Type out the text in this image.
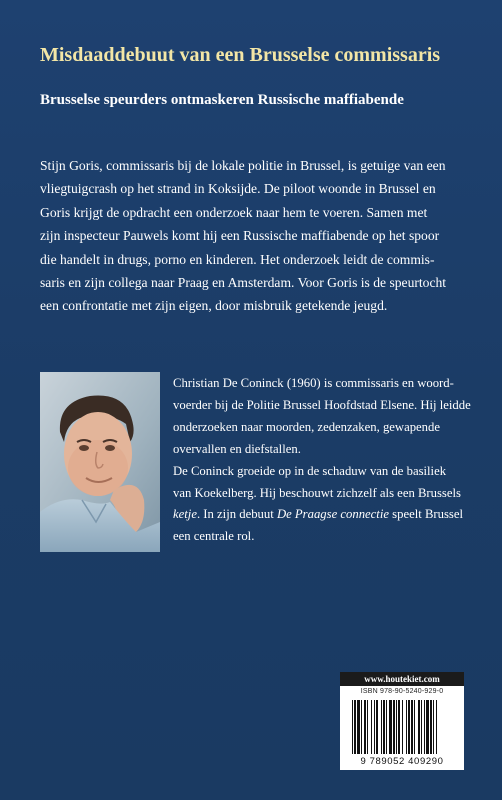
Misdaaddebuut van een Brusselse commissaris
Brusselse speurders ontmaskeren Russische maffiabende
Stijn Goris, commissaris bij de lokale politie in Brussel, is getuige van een
vliegtuigcrash op het strand in Koksijde. De piloot woonde in Brussel en
Goris krijgt de opdracht een onderzoek naar hem te voeren. Samen met
zijn inspecteur Pauwels komt hij een Russische maffiabende op het spoor
die handelt in drugs, porno en kinderen. Het onderzoek leidt de commis-
saris en zijn collega naar Praag en Amsterdam. Voor Goris is de speurtocht
een confrontatie met zijn eigen, door misbruik getekende jeugd.
Christian De Coninck (1960) is commissaris en woord-
voerder bij de Politie Brussel Hoofdstad Elsene. Hij leidde
onderzoeken naar moorden, zedenzaken, gewapende
overvallen en diefstallen.
De Coninck groeide op in de schaduw van de basiliek
van Koekelberg. Hij beschouwt zichzelf als een Brussels
ketje. In zijn debuut De Praagse connectie speelt Brussel
een centrale rol.
www.houtekiet.com
ISBN 978-90-5240-929-0
9 789052 409290
